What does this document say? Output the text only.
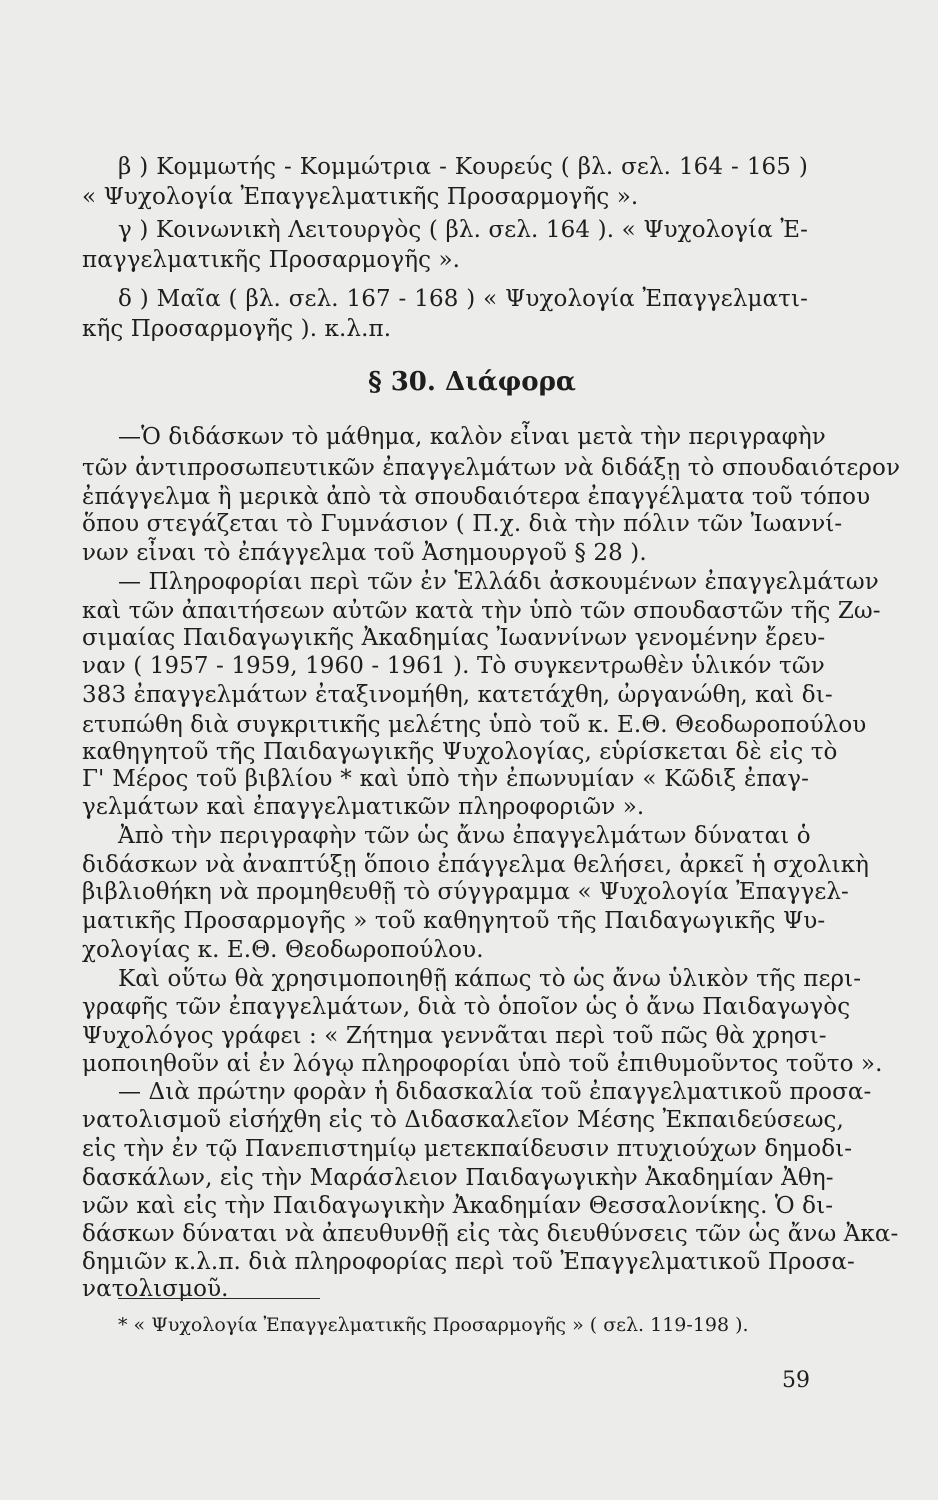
β ) Κομμωτής - Κομμώτρια - Κουρεύς ( βλ. σελ. 164 - 165 )
« Ψυχολογία Ἐπαγγελματικῆς Προσαρμογῆς ».
γ ) Κοινωνικὴ Λειτουργὸς ( βλ. σελ. 164 ). « Ψυχολογία Ἐ-
παγγελματικῆς Προσαρμογῆς ».
δ ) Μαῖα ( βλ. σελ. 167 - 168 ) « Ψυχολογία Ἐπαγγελματι-
κῆς Προσαρμογῆς ). κ.λ.π.
§ 30. Διάφορα
—Ὁ διδάσκων τὸ μάθημα, καλὸν εἶναι μετὰ τὴν περιγραφὴν
τῶν ἀντιπροσωπευτικῶν ἐπαγγελμάτων νὰ διδάξῃ τὸ σπουδαιότερον
ἐπάγγελμα ἢ μερικὰ ἀπὸ τὰ σπουδαιότερα ἐπαγγέλματα τοῦ τόπου
ὅπου στεγάζεται τὸ Γυμνάσιον ( Π.χ. διὰ τὴν πόλιν τῶν Ἰωαννί-
νων εἶναι τὸ ἐπάγγελμα τοῦ Ἀσημουργοῦ § 28 ).
— Πληροφορίαι περὶ τῶν ἐν Ἑλλάδι ἀσκουμένων ἐπαγγελμάτων
καὶ τῶν ἀπαιτήσεων αὐτῶν κατὰ τὴν ὑπὸ τῶν σπουδαστῶν τῆς Ζω-
σιμαίας Παιδαγωγικῆς Ἀκαδημίας Ἰωαννίνων γενομένην ἔρευ-
ναν ( 1957 - 1959, 1960 - 1961 ). Τὸ συγκεντρωθὲν ὑλικόν τῶν
383 ἐπαγγελμάτων ἐταξινομήθη, κατετάχθη, ὠργανώθη, καὶ δι-
ετυπώθη διὰ συγκριτικῆς μελέτης ὑπὸ τοῦ κ. Ε.Θ. Θεοδωροπούλου
καθηγητοῦ τῆς Παιδαγωγικῆς Ψυχολογίας, εὑρίσκεται δὲ εἰς τὸ
Γ' Μέρος τοῦ βιβλίου * καὶ ὑπὸ τὴν ἐπωνυμίαν « Κῶδιξ ἐπαγ-
γελμάτων καὶ ἐπαγγελματικῶν πληροφοριῶν ».
Ἀπὸ τὴν περιγραφὴν τῶν ὡς ἄνω ἐπαγγελμάτων δύναται ὁ
διδάσκων νὰ ἀναπτύξῃ ὅποιο ἐπάγγελμα θελήσει, ἀρκεῖ ἡ σχολικὴ
βιβλιοθήκη νὰ προμηθευθῇ τὸ σύγγραμμα « Ψυχολογία Ἐπαγγελ-
ματικῆς Προσαρμογῆς » τοῦ καθηγητοῦ τῆς Παιδαγωγικῆς Ψυ-
χολογίας κ. Ε.Θ. Θεοδωροπούλου.
Καὶ οὕτω θὰ χρησιμοποιηθῇ κάπως τὸ ὡς ἄνω ὑλικὸν τῆς περι-
γραφῆς τῶν ἐπαγγελμάτων, διὰ τὸ ὁποῖον ὡς ὁ ἄνω Παιδαγωγὸς
Ψυχολόγος γράφει : « Ζήτημα γεννᾶται περὶ τοῦ πῶς θὰ χρησι-
μοποιηθοῦν αἱ ἐν λόγῳ πληροφορίαι ὑπὸ τοῦ ἐπιθυμοῦντος τοῦτο ».
— Διὰ πρώτην φορὰν ἡ διδασκαλία τοῦ ἐπαγγελματικοῦ προσα-
νατολισμοῦ εἰσήχθη εἰς τὸ Διδασκαλεῖον Μέσης Ἐκπαιδεύσεως,
εἰς τὴν ἐν τῷ Πανεπιστημίῳ μετεκπαίδευσιν πτυχιούχων δημοδι-
δασκάλων, εἰς τὴν Μαράσλειον Παιδαγωγικὴν Ἀκαδημίαν Ἀθη-
νῶν καὶ εἰς τὴν Παιδαγωγικὴν Ἀκαδημίαν Θεσσαλονίκης. Ὁ δι-
δάσκων δύναται νὰ ἀπευθυνθῇ εἰς τὰς διευθύνσεις τῶν ὡς ἄνω Ἀκα-
δημιῶν κ.λ.π. διὰ πληροφορίας περὶ τοῦ Ἐπαγγελματικοῦ Προσα-
νατολισμοῦ.
* « Ψυχολογία Ἐπαγγελματικῆς Προσαρμογῆς » ( σελ. 119-198 ).
59
